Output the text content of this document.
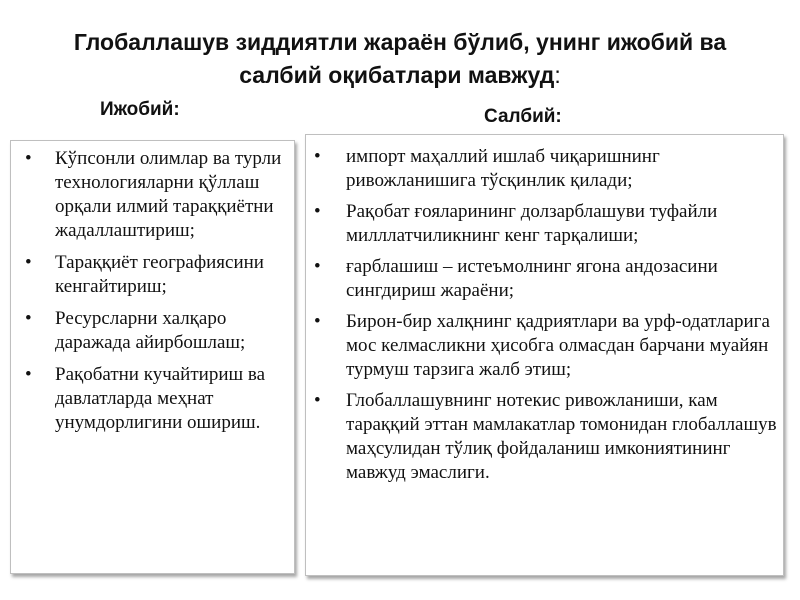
Глобаллашув зиддиятли жараён бўлиб, унинг ижобий ва салбий оқибатлари мавжуд:
Ижобий:	Салбий:
• Кўпсонли олимлар ва турли технологияларни қўллаш орқали илмий тараққиётни жадаллаштириш;
• Тараққиёт географиясини кенгайтириш;
• Ресурсларни халқаро даражада айирбошлаш;
• Рақобатни кучайтириш ва давлатларда меҳнат унумдорлигини ошириш.
• импорт маҳаллий ишлаб чиқаришнинг ривожланишига тўсқинлик қилади;
• Рақобат ғояларининг долзарблашуви туфайли милллатчиликнинг кенг тарқалиши;
• ғарблашиш – истеъмолнинг ягона андозасини сингдириш жараёни;
• Бирон-бир халқнинг қадриятлари ва урф-одатларига мос келмасликни ҳисобга олмасдан барчани муайян турмуш тарзига жалб этиш;
• Глобаллашувнинг нотекис ривожланиши, кам тараққий эттан мамлакатлар томонидан глобаллашув маҳсулидан тўлиқ фойдаланиш имкониятининг мавжуд эмаслиги.
